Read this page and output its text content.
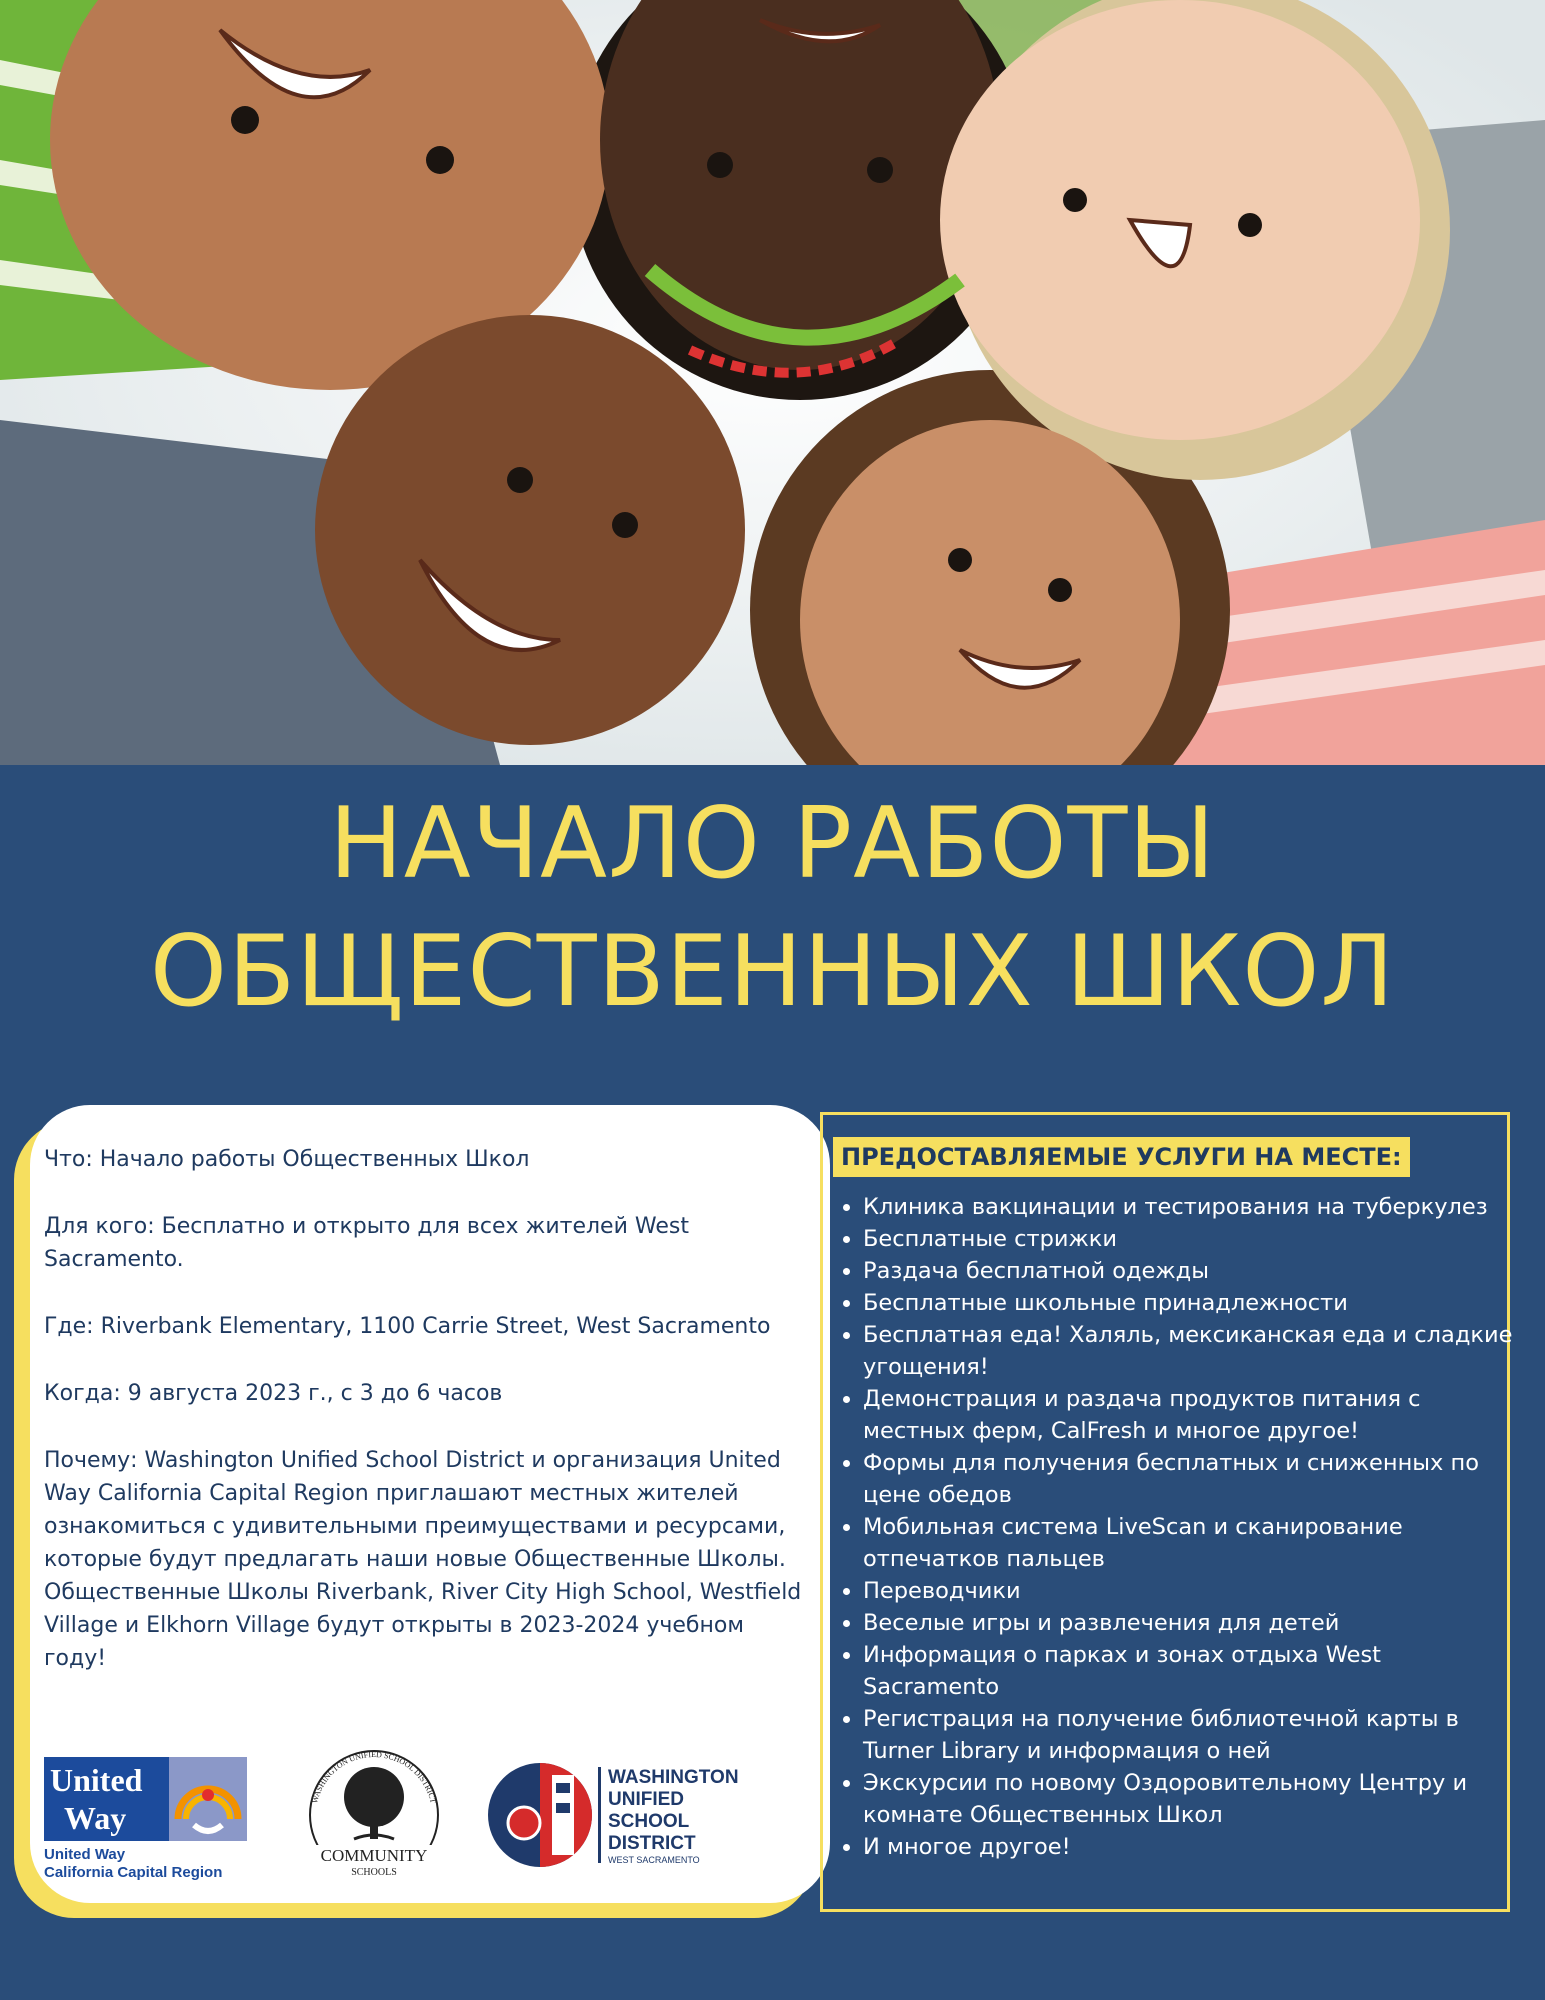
НАЧАЛО РАБОТЫ
ОБЩЕСТВЕННЫХ ШКОЛ

Что: Начало работы Общественных Школ

Для кого: Бесплатно и открыто для всех жителей West Sacramento.

Где: Riverbank Elementary, 1100 Carrie Street, West Sacramento

Когда: 9 августа 2023 г., с 3 до 6 часов

Почему: Washington Unified School District и организация United Way California Capital Region приглашают местных жителей ознакомиться с удивительными преимуществами и ресурсами, которые будут предлагать наши новые Общественные Школы. Общественные Школы Riverbank, River City High School, Westfield Village и Elkhorn Village будут открыты в 2023-2024 учебном году!

United
Way
United Way
California Capital Region
WASHINGTON UNIFIED SCHOOL DISTRICT
COMMUNITY
SCHOOLS
WASHINGTON
UNIFIED
SCHOOL
DISTRICT
WEST SACRAMENTO
ПРЕДОСТАВЛЯЕМЫЕ УСЛУГИ НА МЕСТЕ:
• Клиника вакцинации и тестирования на туберкулез
• Бесплатные стрижки
• Раздача бесплатной одежды
• Бесплатные школьные принадлежности
• Бесплатная еда! Халяль, мексиканская еда и сладкие угощения!
• Демонстрация и раздача продуктов питания с местных ферм, CalFresh и многое другое!
• Формы для получения бесплатных и сниженных по цене обедов
• Мобильная система LiveScan и сканирование отпечатков пальцев
• Переводчики
• Веселые игры и развлечения для детей
• Информация о парках и зонах отдыха West Sacramento
• Регистрация на получение библиотечной карты в Turner Library и информация о ней
• Экскурсии по новому Оздоровительному Центру и комнате Общественных Школ
• И многое другое!
